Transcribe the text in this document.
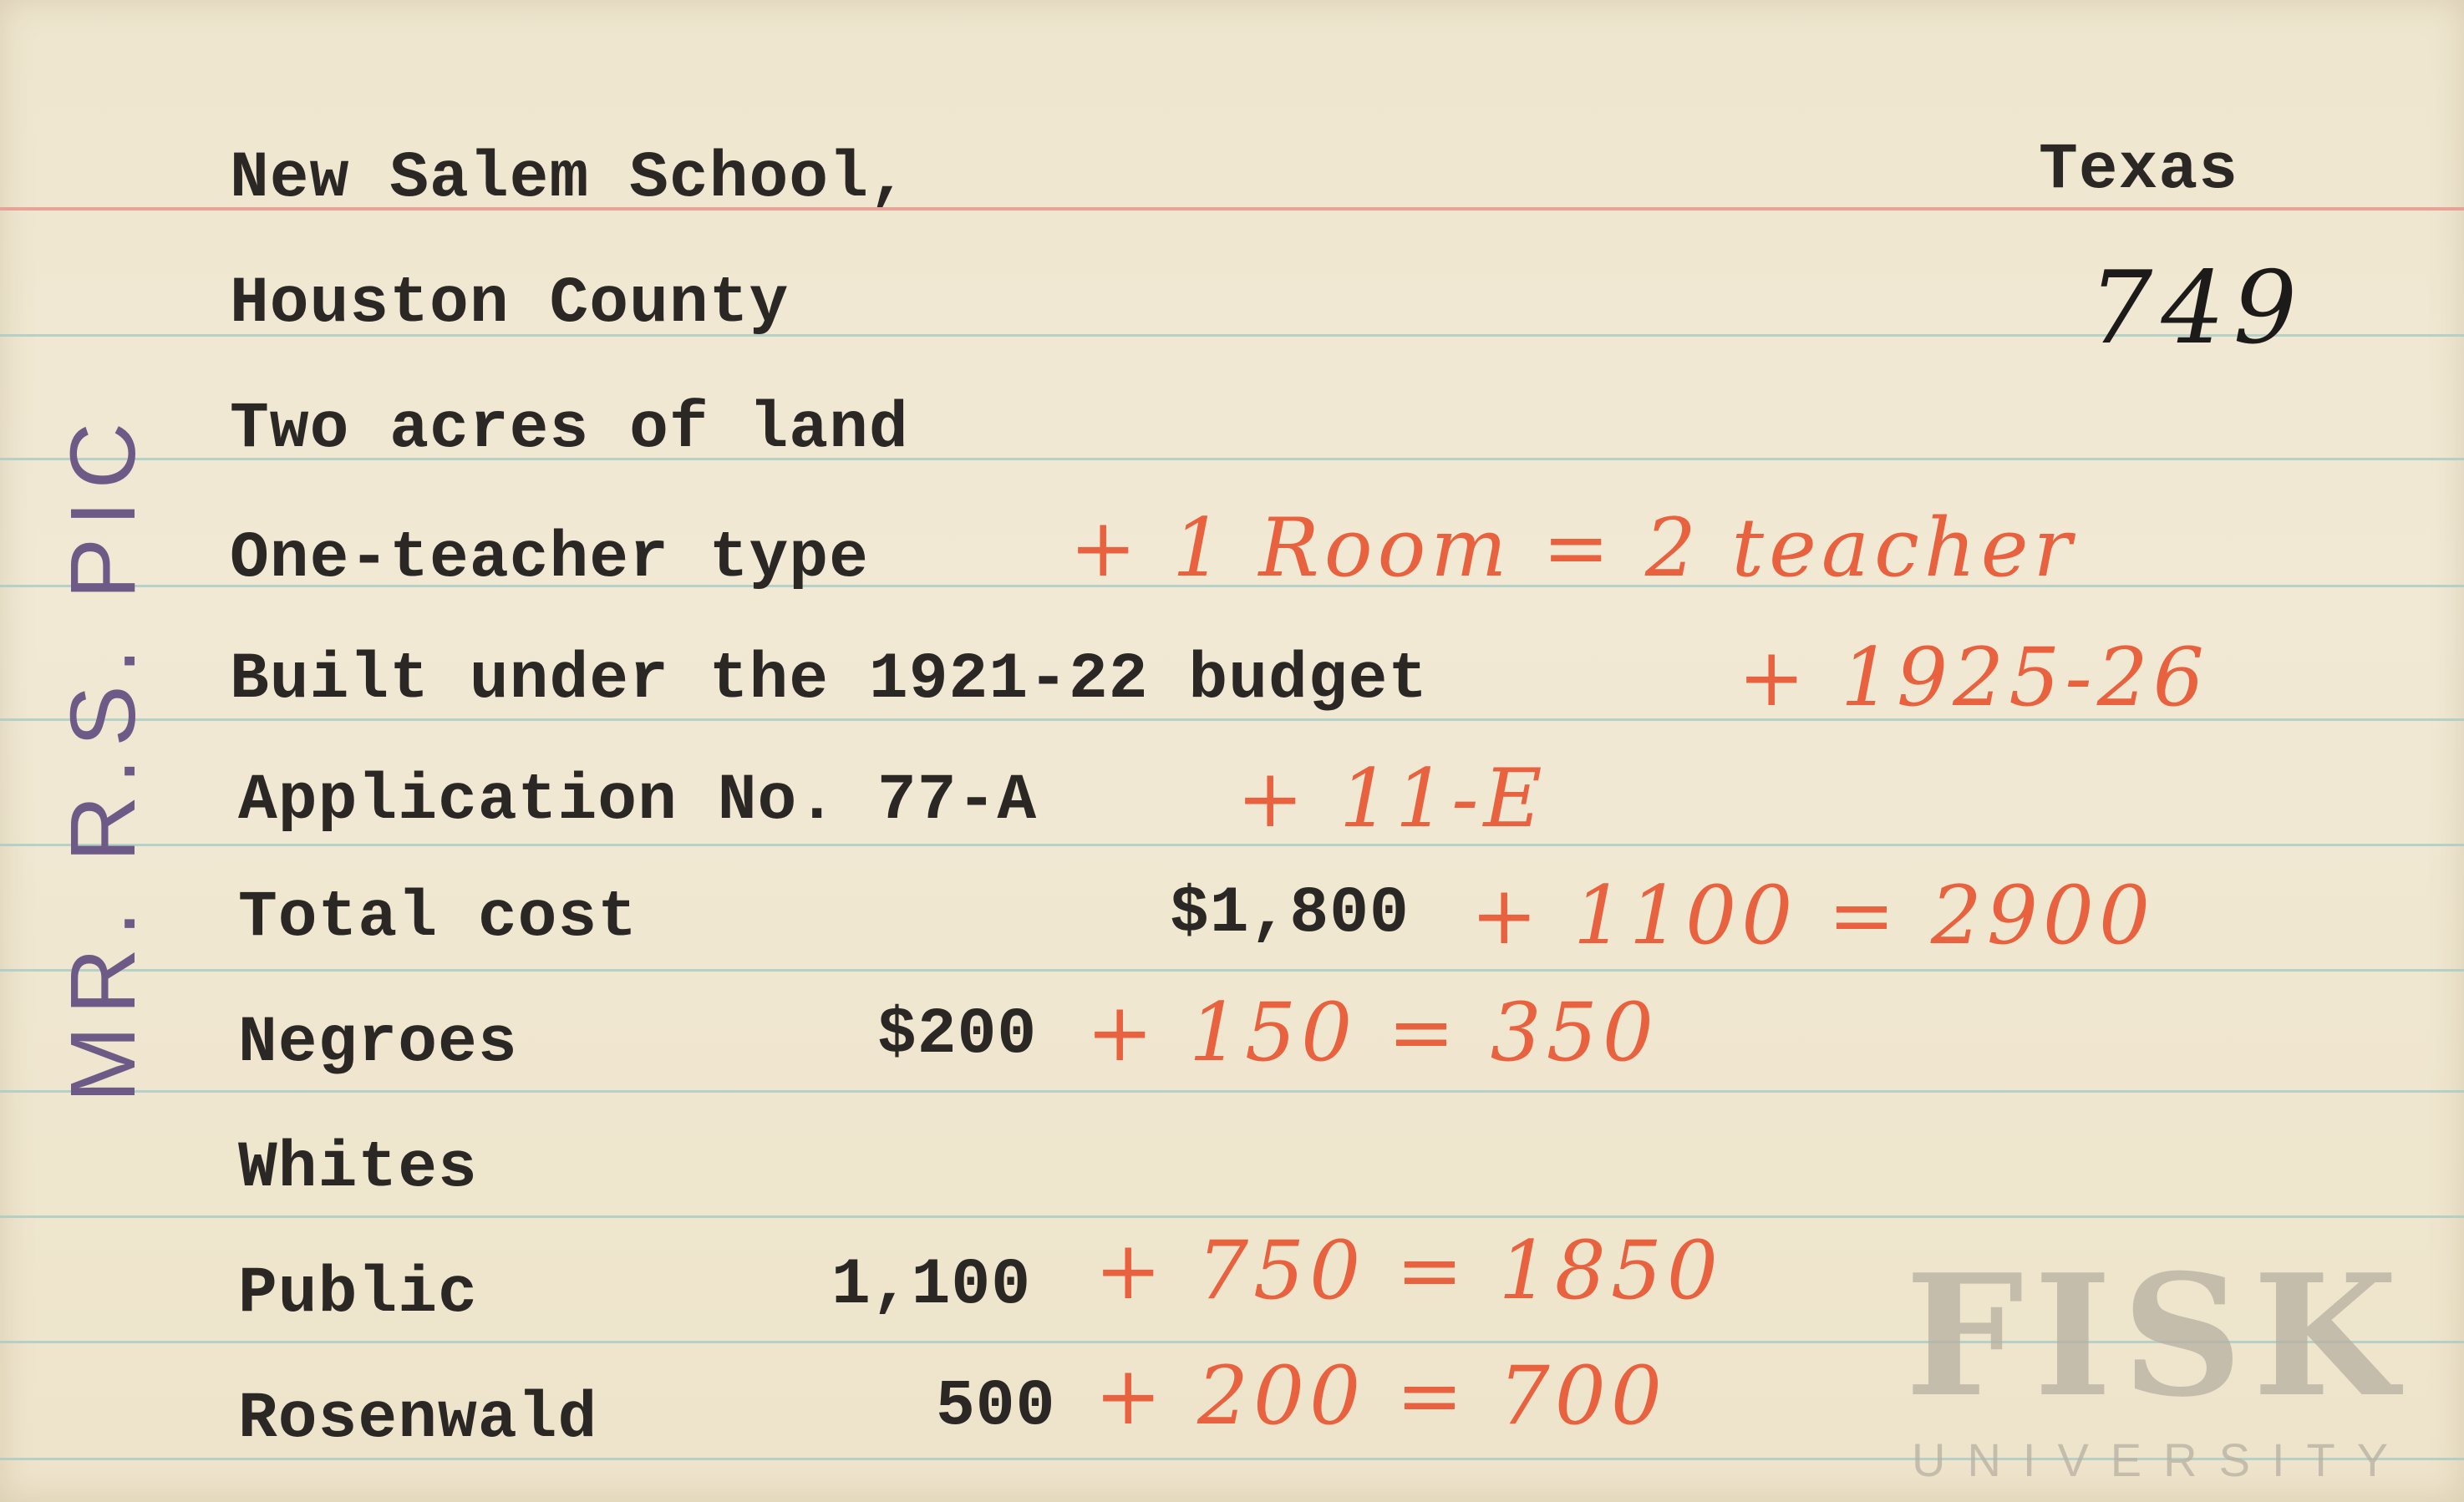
New Salem School,	Texas
749
Houston County
Two acres of land
One-teacher type	+ 1 Room = 2 teacher
Built under the 1921-22 budget	+ 1925-26
Application No. 77-A + 11-E
Total cost	$1,800 + 1100 = 2900
Negroes	$200 + 150 = 350
Whites
Public	1,100 + 750 = 1850
Rosenwald	500 + 200 = 700
MR. R.S. PIC
FISK
UNIVERSITY
